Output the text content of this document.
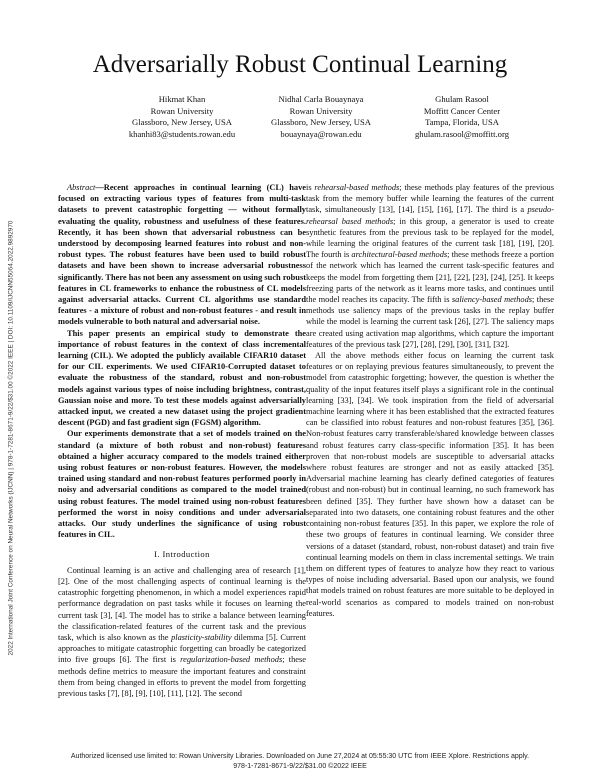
Adversarially Robust Continual Learning
Hikmat Khan
Rowan University
Glassboro, New Jersey, USA
khanhi83@students.rowan.edu
Nidhal Carla Bouaynaya
Rowan University
Glassboro, New Jersey, USA
bouaynaya@rowan.edu
Ghulam Rasool
Moffitt Cancer Center
Tampa, Florida, USA
ghulam.rasool@moffitt.org
2022 International Joint Conference on Neural Networks (IJCNN) | 978-1-7281-8671-9/22/$31.00 ©2022 IEEE | DOI: 10.1109/IJCNN55064.2022.9892970

Abstract—Recent approaches in continual learning (CL) have focused on extracting various types of features from multi-task datasets to prevent catastrophic forgetting — without formally evaluating the quality, robustness and usefulness of these features. Recently, it has been shown that adversarial robustness can be understood by decomposing learned features into robust and non-robust types. The robust features have been used to build robust datasets and have been shown to increase adversarial robustness significantly. There has not been any assessment on using such robust features in CL frameworks to enhance the robustness of CL models against adversarial attacks. Current CL algorithms use standard features - a mixture of robust and non-robust features - and result in models vulnerable to both natural and adversarial noise.

This paper presents an empirical study to demonstrate the importance of robust features in the context of class incremental learning (CIL). We adopted the publicly available CIFAR10 dataset for our CIL experiments. We used CIFAR10-Corrupted dataset to evaluate the robustness of the standard, robust and non-robust models against various types of noise including brightness, contrast, Gaussian noise and more. To test these models against adversarially attacked input, we created a new dataset using the project gradient descent (PGD) and fast gradient sign (FGSM) algorithm.

Our experiments demonstrate that a set of models trained on the standard (a mixture of both robust and non-robust) features obtained a higher accuracy compared to the models trained either using robust features or non-robust features. However, the models trained using standard and non-robust features performed poorly in noisy and adversarial conditions as compared to the model trained using robust features. The model trained using non-robust features performed the worst in noisy conditions and under adversarial attacks. Our study underlines the significance of using robust features in CIL.

I. Introduction

Continual learning is an active and challenging area of research [1], [2]. One of the most challenging aspects of continual learning is the catastrophic forgetting phenomenon, in which a model experiences rapid performance degradation on past tasks while it focuses on learning the current task [3], [4]. The model has to strike a balance between learning the classification-related features of the current task and the previous task, which is also known as the plasticity-stability dilemma [5]. Current approaches to mitigate catastrophic forgetting can broadly be categorized into five groups [6]. The first is regularization-based methods; these methods define metrics to measure the important features and constraint them from being changed in efforts to prevent the model from forgetting previous tasks [7], [8], [9], [10], [11], [12]. The second

is rehearsal-based methods; these methods play features of the previous task from the memory buffer while learning the features of the current task, simultaneously [13], [14], [15], [16], [17]. The third is a pseudo-rehearsal based methods; in this group, a generator is used to create synthetic features from the previous task to be replayed for the model, while learning the original features of the current task [18], [19], [20]. The fourth is architectural-based methods; these methods freeze a portion of the network which has learned the current task-specific features and keeps the model from forgetting them [21], [22], [23], [24], [25]. It keeps freezing parts of the network as it learns more tasks, and continues until the model reaches its capacity. The fifth is saliency-based methods; these methods use saliency maps of the previous tasks in the replay buffer while the model is learning the current task [26], [27]. The saliency maps are created using activation map algorithms, which capture the important features of the previous task [27], [28], [29], [30], [31], [32].

All the above methods either focus on learning the current task features or on replaying previous features simultaneously, to prevent the model from catastrophic forgetting; however, the question is whether the quality of the input features itself plays a significant role in the continual learning [33], [34]. We took inspiration from the field of adversarial machine learning where it has been established that the extracted features can be classified into robust features and non-robust features [35], [36]. Non-robust features carry transferable/shared knowledge between classes and robust features carry class-specific information [35]. It has been proven that non-robust models are susceptible to adversarial attacks where robust features are stronger and not as easily attacked [35]. Adversarial machine learning has clearly defined categories of features (robust and non-robust) but in continual learning, no such framework has been defined [35]. They further have shown how a dataset can be separated into two datasets, one containing robust features and the other containing non-robust features [35]. In this paper, we explore the role of these two groups of features in continual learning. We consider three versions of a dataset (standard, robust, non-robust dataset) and train five continual learning models on them in class incremental settings. We train them on different types of features to analyze how they react to various types of noise including adversarial. Based upon our analysis, we found that models trained on robust features are more suitable to be deployed in real-world scenarios as compared to models trained on non-robust features.

Authorized licensed use limited to: Rowan University Libraries. Downloaded on June 27,2024 at 05:55:30 UTC from IEEE Xplore. Restrictions apply.
978-1-7281-8671-9/22/$31.00 ©2022 IEEE
